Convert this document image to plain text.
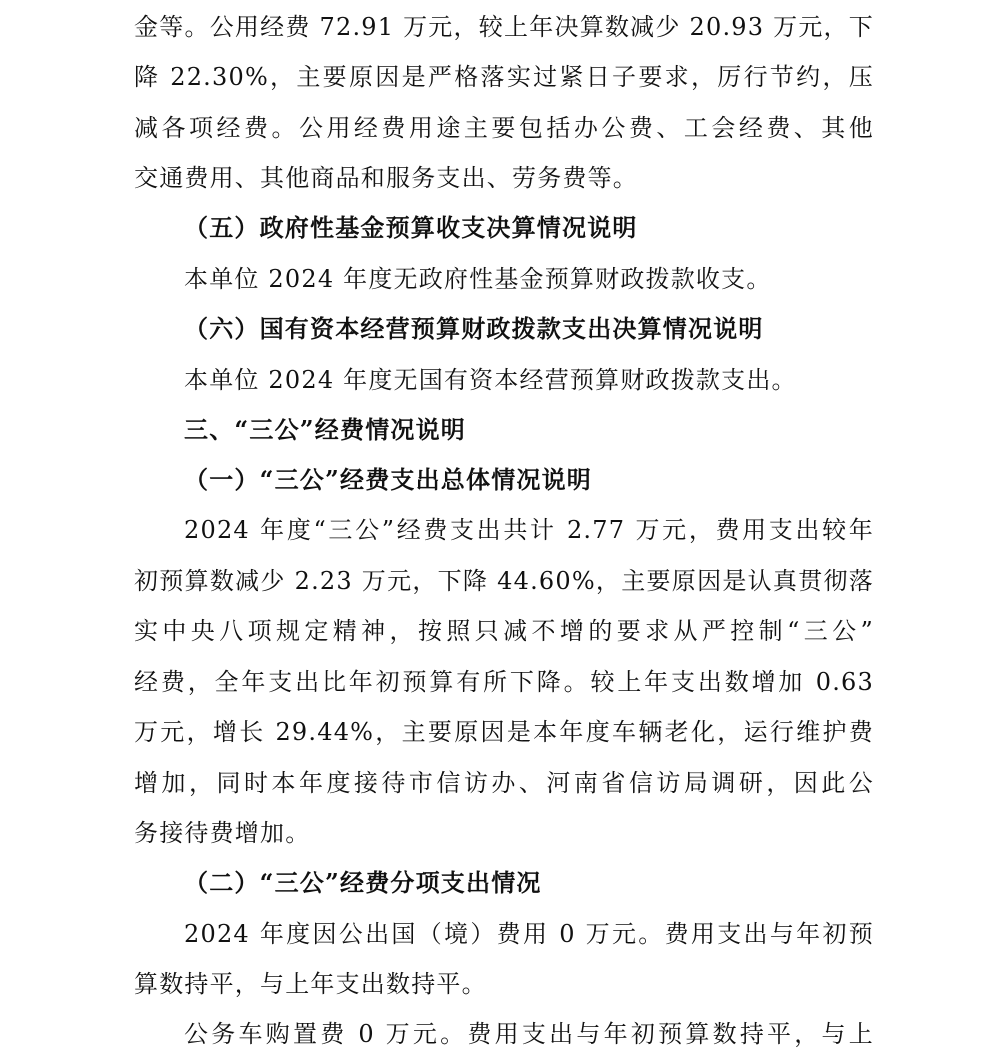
金等。公用经费 72.91 万元，较上年决算数减少 20.93 万元，下
降 22.30%，主要原因是严格落实过紧日子要求，厉行节约，压
减各项经费。公用经费用途主要包括办公费、工会经费、其他
交通费用、其他商品和服务支出、劳务费等。
（五）政府性基金预算收支决算情况说明
本单位 2024 年度无政府性基金预算财政拨款收支。
（六）国有资本经营预算财政拨款支出决算情况说明
本单位 2024 年度无国有资本经营预算财政拨款支出。
三、“三公”经费情况说明
（一）“三公”经费支出总体情况说明
2024 年度“三公”经费支出共计 2.77 万元，费用支出较年
初预算数减少 2.23 万元，下降 44.60%，主要原因是认真贯彻落
实中央八项规定精神，按照只减不增的要求从严控制“三公”
经费，全年支出比年初预算有所下降。较上年支出数增加 0.63
万元，增长 29.44%，主要原因是本年度车辆老化，运行维护费
增加，同时本年度接待市信访办、河南省信访局调研，因此公
务接待费增加。
（二）“三公”经费分项支出情况
2024 年度因公出国（境）费用 0 万元。费用支出与年初预
算数持平，与上年支出数持平。
公务车购置费 0 万元。费用支出与年初预算数持平，与上
